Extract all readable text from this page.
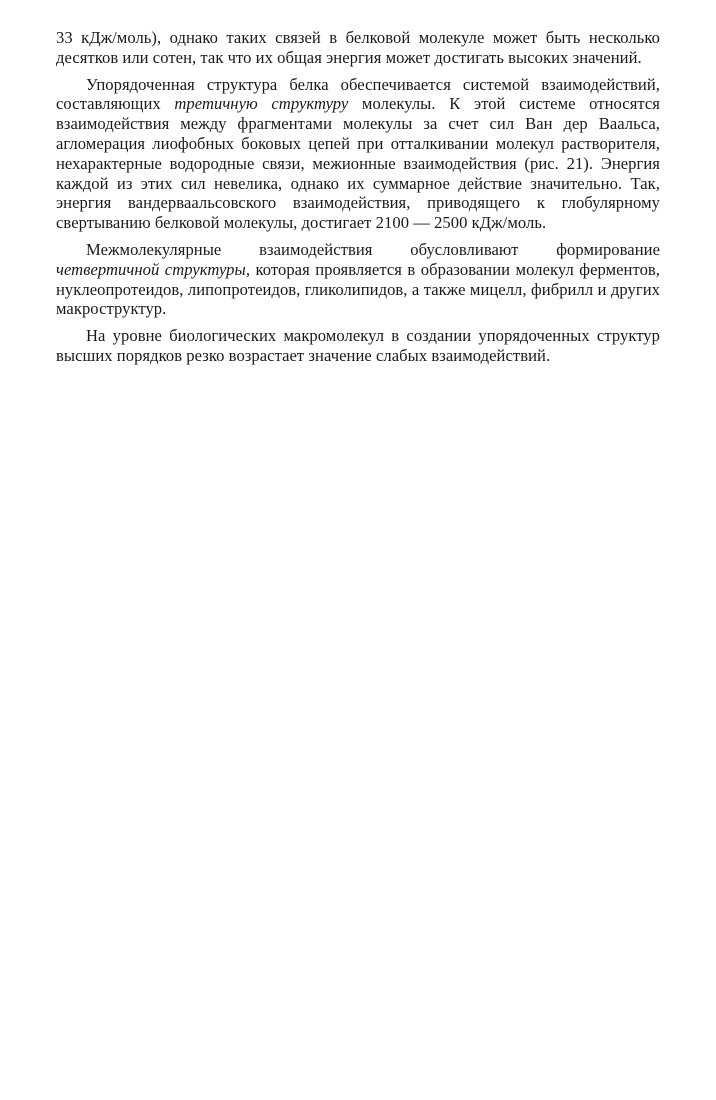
33 кДж/моль), однако таких связей в белковой молекуле может быть несколько десятков или сотен, так что их общая энергия может достигать высоких значений.

Упорядоченная структура белка обеспечивается системой взаимодействий, составляющих третичную структуру молекулы. К этой системе относятся взаимодействия между фрагментами молекулы за счет сил Ван дер Ваальса, агломерация лиофобных боковых цепей при отталкивании молекул растворителя, нехарактерные водородные связи, межионные взаимодействия (рис. 21). Энергия каждой из этих сил невелика, однако их суммарное действие значительно. Так, энергия вандерваальсовского взаимодействия, приводящего к глобулярному свертыванию белковой молекулы, достигает 2100 — 2500 кДж/моль.

Межмолекулярные взаимодействия обусловливают формирование четвертичной структуры, которая проявляется в образовании молекул ферментов, нуклеопротеидов, липопротеидов, гликолипидов, а также мицелл, фибрилл и других макроструктур.

На уровне биологических макромолекул в создании упорядоченных структур высших порядков резко возрастает значение слабых взаимодействий.
